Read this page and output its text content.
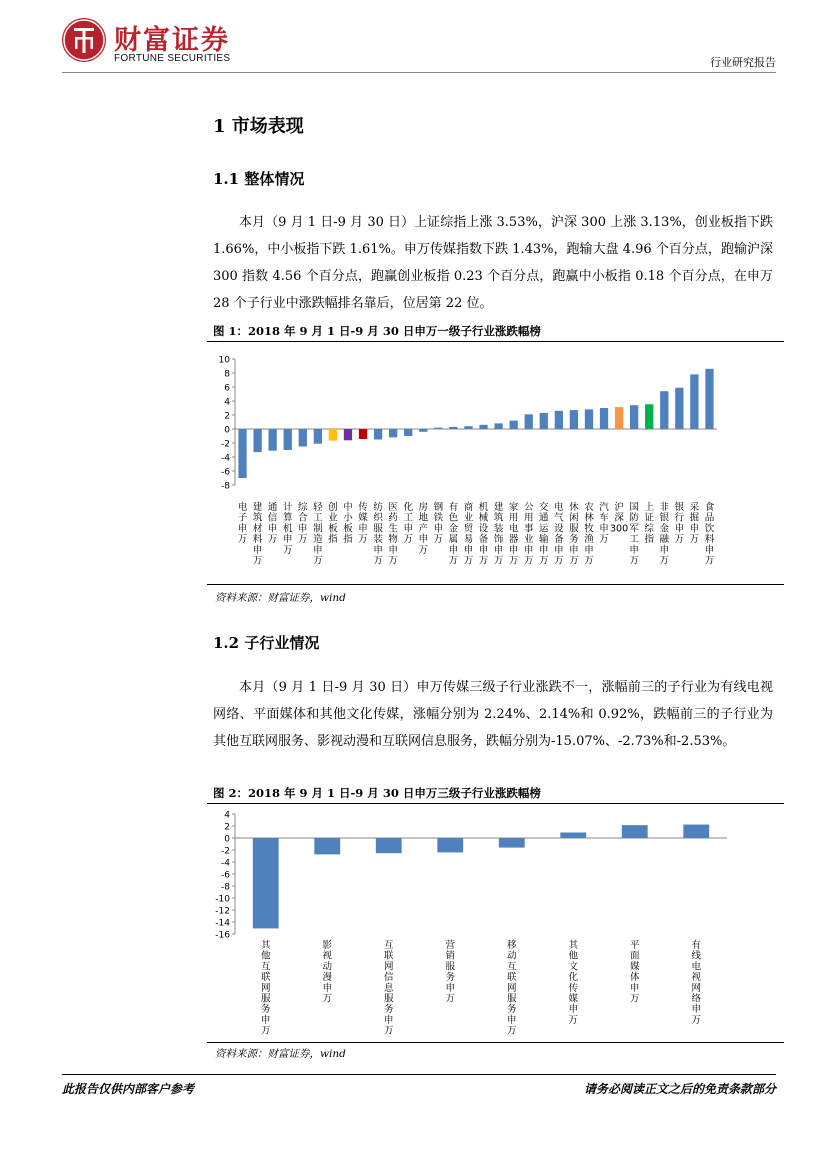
财富证券
FORTUNE SECURITIES	行业研究报告
1 市场表现
1.1 整体情况
本月（9 月 1 日-9 月 30 日）上证综指上涨 3.53%，沪深 300 上涨 3.13%，创业板指下跌 1.66%，中小板指下跌 1.61%。申万传媒指数下跌 1.43%，跑输大盘 4.96 个百分点，跑输沪深 300 指数 4.56 个百分点，跑赢创业板指 0.23 个百分点，跑赢中小板指 0.18 个百分点，在申万 28 个子行业中涨跌幅排名靠后，位居第 22 位。
图 1：2018 年 9 月 1 日-9 月 30 日申万一级子行业涨跌幅榜
-8
-6
-4
-2
0
2
4
6
8
10
电子申万
建筑材料申万
通信申万
计算机申万
综合申万
轻工制造申万
创业板指
中小板指
传媒申万
纺织服装申万
医药生物申万
化工申万
房地产申万
钢铁申万
有色金属申万
商业贸易申万
机械设备申万
建筑装饰申万
家用电器申万
公用事业申万
交通运输申万
电气设备申万
休闲服务申万
农林牧渔申万
汽车申万
沪深 300
国防军工申万
上证综指
非银金融申万
银行申万
采掘申万
食品饮料申万
资料来源：财富证券，wind
1.2 子行业情况
本月（9 月 1 日-9 月 30 日）申万传媒三级子行业涨跌不一，涨幅前三的子行业为有线电视网络、平面媒体和其他文化传媒，涨幅分别为 2.24%、2.14%和 0.92%，跌幅前三的子行业为其他互联网服务、影视动漫和互联网信息服务，跌幅分别为-15.07%、-2.73%和-2.53%。
图 2：2018 年 9 月 1 日-9 月 30 日申万三级子行业涨跌幅榜
-16
-14
-12
-10
-8
-6
-4
-2
0
2
4
其他互联网服务申万
影视动漫申万
互联网信息服务申万
营销服务申万
移动互联网服务申万
其他文化传媒申万
平面媒体申万
有线电视网络申万
资料来源：财富证券，wind
此报告仅供内部客户参考	请务必阅读正文之后的免责条款部分
